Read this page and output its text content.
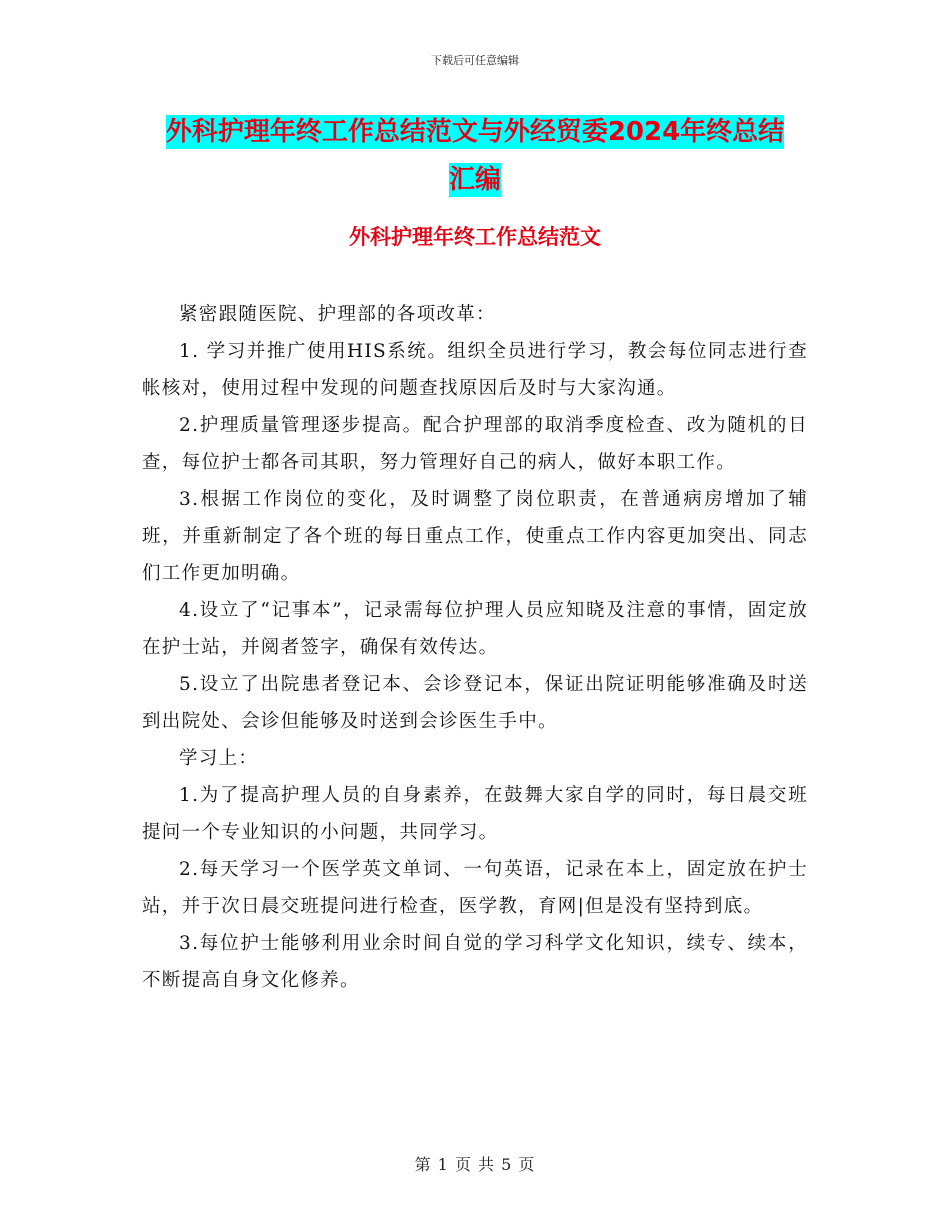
下载后可任意编辑
外科护理年终工作总结范文与外经贸委2024年终总结
汇编
外科护理年终工作总结范文

紧密跟随医院、护理部的各项改革：

1. 学习并推广使用HIS系统。组织全员进行学习，教会每位同志进行查帐核对，使用过程中发现的问题查找原因后及时与大家沟通。

2.护理质量管理逐步提高。配合护理部的取消季度检查、改为随机的日查，每位护士都各司其职，努力管理好自己的病人，做好本职工作。

3.根据工作岗位的变化，及时调整了岗位职责，在普通病房增加了辅班，并重新制定了各个班的每日重点工作，使重点工作内容更加突出、同志们工作更加明确。

4.设立了“记事本”，记录需每位护理人员应知晓及注意的事情，固定放在护士站，并阅者签字，确保有效传达。

5.设立了出院患者登记本、会诊登记本，保证出院证明能够准确及时送到出院处、会诊但能够及时送到会诊医生手中。

学习上：

1.为了提高护理人员的自身素养，在鼓舞大家自学的同时，每日晨交班提问一个专业知识的小问题，共同学习。

2.每天学习一个医学英文单词、一句英语，记录在本上，固定放在护士站，并于次日晨交班提问进行检查，医学教，育网|但是没有坚持到底。

3.每位护士能够利用业余时间自觉的学习科学文化知识，续专、续本，不断提高自身文化修养。

第 1 页 共 5 页
